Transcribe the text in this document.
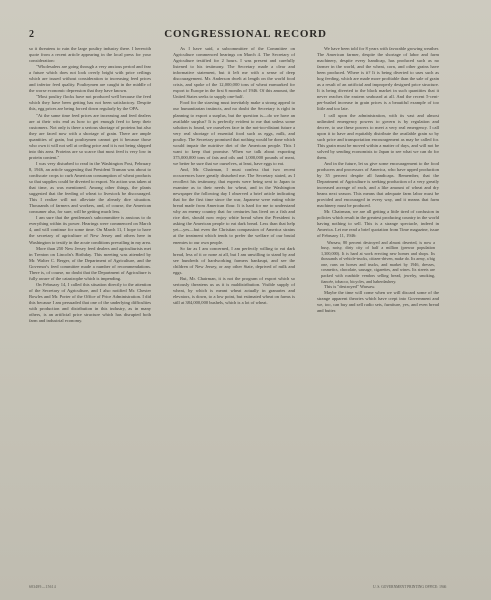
2	CONGRESSIONAL RECORD

so it threatens to ruin the large poultry industry there. I herewith quote from a recent article appearing in the local press for your consideration:

"Wholesalers are going through a very anxious period and fear a future which does not look overly bright with price ceilings which are issued without consideration to increasing feed prices and inferior feed quality. Poultrymen are caught in the middle of the worse economic depression that they have known.

"Most poultry flocks have not produced well because the feed which they have been getting has not been satisfactory. Despite this, egg prices are being forced down regularly by the OPA.

"At the same time feed prices are increasing and feed dealers are at their wits end as how to get enough feed to keep their customers. Not only is there a serious shortage of proteins but also they are faced now with a shortage of grain. There are ample quantities of grain, but poultrymen cannot get it because those who own it will not sell at ceiling price and it is not being shipped into this area. Proteins are so scarce that most feed is very low in protein content."

I was very disturbed to read in the Washington Post, February 8, 1946, an article suggesting that President Truman was about to confiscate crops to curb American consumption of wheat products so that supplies could be diverted to export. No action was taken at that time, as was mentioned. Among other things, the plants suggested that the feeding of wheat to livestock be discouraged. This I realize will not alleviate the already dire situation. Thousands of farmers and workers, and, of course, the American consumer also, for sure, will be getting much less.

I am sure that the gentleman's subcommittee is anxious to do everything within its power. Hearings were commenced on March 4, and will continue for some time. On March 11, I hope to have the secretary of agriculture of New Jersey and others here in Washington to testify in the acute conditions prevailing in my area.

More than 250 New Jersey feed dealers and agriculturists met in Trenton on Lincoln's Birthday. This meeting was attended by Mr. Walter C. Berger, of the Department of Agriculture, and the Governor's feed committee made a number of recommendations. There is, of course, no doubt that the Department of Agriculture is fully aware of the catastrophe which is impending.

On February 14, I called this situation directly to the attention of the Secretary of Agriculture, and I also notified Mr. Chester Bowles and Mr. Porter of the Office of Price Administration. I did this because I am persuaded that one of the underlying difficulties with production and distribution in this industry, as in many others, is an artificial price structure which has disrupted both farm and industrial economy.

As I have said, a subcommittee of the Committee on Agriculture commenced hearings on March 4. The Secretary of Agriculture testified for 2 hours. I was present and carefully listened to his testimony. The Secretary made a clear and informative statement, but it left me with a sense of deep discouragement. Mr. Anderson dwelt at length on the world food crisis, and spoke of the 12,000,000 tons of wheat earmarked for export to Europe in the first 6 months of 1946. Of this amount, the United States seeks to supply one-half.

Food for the starving must inevitably make a strong appeal to our humanitarian instincts, and no doubt the Secretary is right in planning to export a surplus, but the question is—do we have an available surplus? It is perfectly evident to me that unless some solution is found, we ourselves face in the not-too-distant future a very real shortage of essential food such as eggs, milk, and poultry. The Secretary promised that nothing would be done which would impair the nutritive diet of the American people. This I want to keep that promise. When we talk about exporting 375,000,000 tons of fats and oils and 1,000,000 pounds of meat, we better be sure that we ourselves, at least, have eggs to eat.

And, Mr. Chairman, I must confess that two recent occurrences have greatly disturbed me. The Secretary stated, as I recollect his testimony, that experts were being sent to Japan to examine as to their needs for wheat, and in the Washington newspaper the following day I observed a brief article indicating that for the first time since the war, Japanese were eating white bread made from American flour. It is hard for me to understand why an enemy country that for centuries has lived on a fish and rice diet, should now enjoy white bread when the President is asking the American people to eat dark bread. Less than that help yet—yes—but even the Christian compassion of America strains at the treatment which tends to prefer the welfare of our brutal enemies to our own people.

So far as I am concerned, I am perfectly willing to eat dark bread, less of it or none at all, but I am unwilling to stand by and see hundreds of hardworking farmers bankrupt, and see the children of New Jersey, or any other State, deprived of milk and eggs.

But, Mr. Chairman, it is not the program of export which so seriously threatens us as it is maldistribution. Visible supply of wheat, by which is meant wheat actually in granaries and elevators, is down, to a low point, but estimated wheat on farms is still at 384,000,000 bushels, which is a lot of wheat.

We have been told for 8 years with favorable growing weather. The American farmer, despite the shortage of labor and farm machinery, despite every handicap, has produced such as no farmer in the world, and the wheat, corn, and other grains have been produced. Where is it? It is being diverted to uses such as hog feeding, which are made more profitable than the sale of grain as a result of an artificial and improperly designed price structure. It is being diverted to the black market in such quantities that it never reaches the eastern seaboard at all. And the recent 5-cent-per-bushel increase in grain prices is a beautiful example of too little and too late.

I call upon the administration, with its vast and almost unlimited emergency powers to govern is by regulation and decree, to use these powers to meet a very real emergency. I call upon it to have and equitably distribute the available grain so by such price and transportation encouragement as may be called for. This grain must be moved within a matter of days, and will not be solved by sending economists to Japan to see what we can do for them.

And in the future, let us give some encouragement to the food producers and processors of America, who have upped production by 35 percent despite all handicaps. Remember, that the Department of Agriculture is seeking production of a very greatly increased acreage of each, and a like amount of wheat and dry beans next season. This means that adequate farm labor must be provided and encouraged in every way, and it means that farm machinery must be produced.

Mr. Chairman, we are all getting a little tired of confusion in policies which result in the greatest producing country in the world having nothing to sell. This is a strange spectacle, indeed in America. Let me read a brief quotation from Time magazine, issue of February 11, 1946:

Warsaw, 80 percent destroyed and almost deserted, is now a busy, noisy, dirty city of half a million (prewar population 1,300,000). It is hard at work erecting new homes and shops. Its thousands of vehicle-trucks, citizen-driven, make do. Its army, a big one, runs on horses and trucks, and market by 1946, dresses, cosmetics, chocolate, sausage, cigarettes, and wines. Its streets are packed with roadside vendors selling bread, jewelry, smoking, fiancée, tobacco, bicycles, and haberdashery.

This is "destroyed" Warsaw.

Maybe the time will come when we will discard some of the strange apparent theories which have crept into Government and we, too, can buy and sell radio sets, furniture, yes, and even bread and butter.

683489—15614	U. S. GOVERNMENT PRINTING OFFICE: 1946
